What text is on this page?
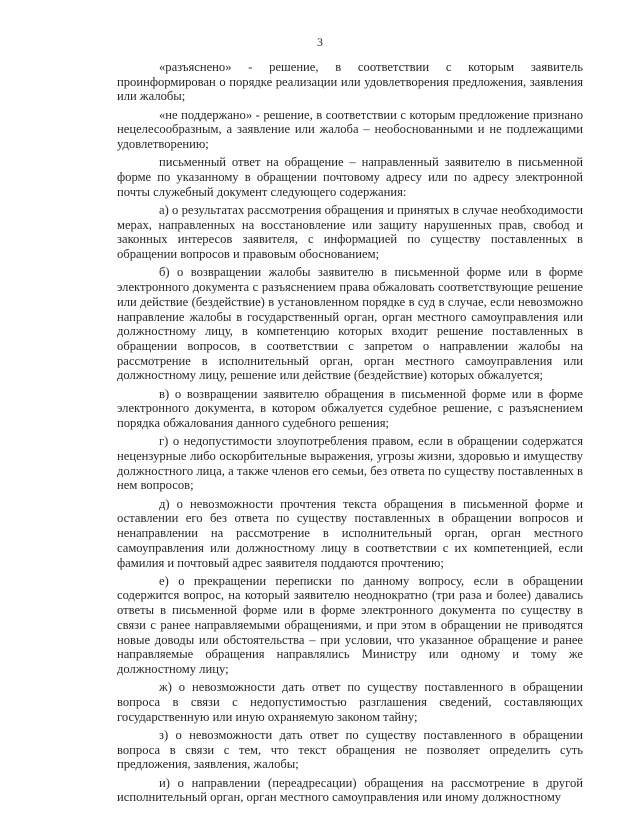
3

«разъяснено» - решение, в соответствии с которым заявитель проинформирован о порядке реализации или удовлетворения предложения, заявления или жалобы;

«не поддержано» - решение, в соответствии с которым предложение признано нецелесообразным, а заявление или жалоба – необоснованными и не подлежащими удовлетворению;

письменный ответ на обращение – направленный заявителю в письменной форме по указанному в обращении почтовому адресу или по адресу электронной почты служебный документ следующего содержания:

а) о результатах рассмотрения обращения и принятых в случае необходимости мерах, направленных на восстановление или защиту нарушенных прав, свобод и законных интересов заявителя, с информацией по существу поставленных в обращении вопросов и правовым обоснованием;

б) о возвращении жалобы заявителю в письменной форме или в форме электронного документа с разъяснением права обжаловать соответствующие решение или действие (бездействие) в установленном порядке в суд в случае, если невозможно направление жалобы в государственный орган, орган местного самоуправления или должностному лицу, в компетенцию которых входит решение поставленных в обращении вопросов, в соответствии с запретом о направлении жалобы на рассмотрение в исполнительный орган, орган местного самоуправления или должностному лицу, решение или действие (бездействие) которых обжалуется;

в) о возвращении заявителю обращения в письменной форме или в форме электронного документа, в котором обжалуется судебное решение, с разъяснением порядка обжалования данного судебного решения;

г) о недопустимости злоупотребления правом, если в обращении содержатся нецензурные либо оскорбительные выражения, угрозы жизни, здоровью и имуществу должностного лица, а также членов его семьи, без ответа по существу поставленных в нем вопросов;

д) о невозможности прочтения текста обращения в письменной форме и оставлении его без ответа по существу поставленных в обращении вопросов и ненаправлении на рассмотрение в исполнительный орган, орган местного самоуправления или должностному лицу в соответствии с их компетенцией, если фамилия и почтовый адрес заявителя поддаются прочтению;

е) о прекращении переписки по данному вопросу, если в обращении содержится вопрос, на который заявителю неоднократно (три раза и более) давались ответы в письменной форме или в форме электронного документа по существу в связи с ранее направляемыми обращениями, и при этом в обращении не приводятся новые доводы или обстоятельства – при условии, что указанное обращение и ранее направляемые обращения направлялись Министру или одному и тому же должностному лицу;

ж) о невозможности дать ответ по существу поставленного в обращении вопроса в связи с недопустимостью разглашения сведений, составляющих государственную или иную охраняемую законом тайну;

з) о невозможности дать ответ по существу поставленного в обращении вопроса в связи с тем, что текст обращения не позволяет определить суть предложения, заявления, жалобы;

и) о направлении (переадресации) обращения на рассмотрение в другой исполнительный орган, орган местного самоуправления или иному должностному
